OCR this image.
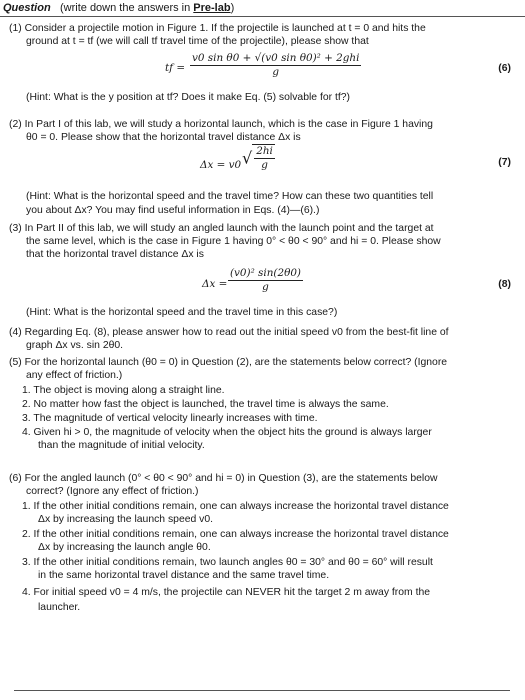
Question (write down the answers in Pre-lab)
(1) Consider a projectile motion in Figure 1. If the projectile is launched at t = 0 and hits the
ground at t = tf (we will call tf travel time of the projectile), please show that
tf = $\frac{\text{v0 sin θ0 + √(v0 sin θ0)² + 2ghi}}{g}$	(6)
(Hint: What is the y position at tf? Does it make Eq. (5) solvable for tf?)
(2) In Part I of this lab, we will study a horizontal launch, which is the case in Figure 1 having
θ0 = 0. Please show that the horizontal travel distance Δx is
Δx = v0 √ $\frac{2hi}{g}$	(7)
(Hint: What is the horizontal speed and the travel time? How can these two quantities tell
you about Δx? You may find useful information in Eqs. (4)—(6).)
(3) In Part II of this lab, we will study an angled launch with the launch point and the target at
the same level, which is the case in Figure 1 having 0° < θ0 < 90° and hi = 0. Please show
that the horizontal travel distance Δx is
$\Delta x = \frac{\text{(v0)² sin(2θ0)}}{g}$	(8)
(Hint: What is the horizontal speed and the travel time in this case?)
(4) Regarding Eq. (8), please answer how to read out the initial speed v0 from the best-fit line of
graph Δx vs. sin 2θ0.
(5) For the horizontal launch (θ0 = 0) in Question (2), are the statements below correct? (Ignore
any effect of friction.)
1. The object is moving along a straight line.
2. No matter how fast the object is launched, the travel time is always the same.
3. The magnitude of vertical velocity linearly increases with time.
4. Given hi > 0, the magnitude of velocity when the object hits the ground is always larger
than the magnitude of initial velocity.
(6) For the angled launch (0° < θ0 < 90° and hi = 0) in Question (3), are the statements below
correct? (Ignore any effect of friction.)
1. If the other initial conditions remain, one can always increase the horizontal travel distance
Δx by increasing the launch speed v0.
2. If the other initial conditions remain, one can always increase the horizontal travel distance
Δx by increasing the launch angle θ0.
3. If the other initial conditions remain, two launch angles θ0 = 30° and θ0 = 60° will result
in the same horizontal travel distance and the same travel time.
4. For initial speed v0 = 4 m/s, the projectile can NEVER hit the target 2 m away from the
launcher.
